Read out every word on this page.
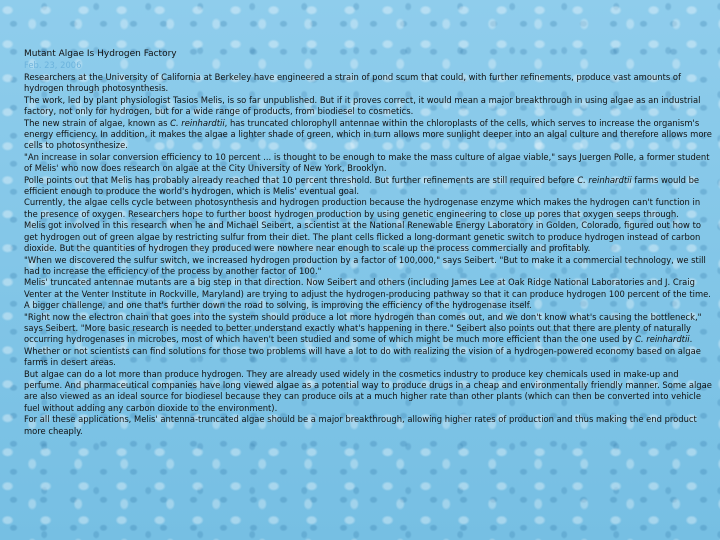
Mutant Algae Is Hydrogen Factory
Feb. 23, 2006

Researchers at the University of California at Berkeley have engineered a strain of pond scum that could, with further refinements, produce vast amounts of hydrogen through photosynthesis.

The work, led by plant physiologist Tasios Melis, is so far unpublished. But if it proves correct, it would mean a major breakthrough in using algae as an industrial factory, not only for hydrogen, but for a wide range of products, from biodiesel to cosmetics.

The new strain of algae, known as C. reinhardtii, has truncated chlorophyll antennae within the chloroplasts of the cells, which serves to increase the organism's energy efficiency. In addition, it makes the algae a lighter shade of green, which in turn allows more sunlight deeper into an algal culture and therefore allows more cells to photosynthesize.

"An increase in solar conversion efficiency to 10 percent ... is thought to be enough to make the mass culture of algae viable," says Juergen Polle, a former student of Melis' who now does research on algae at the City University of New York, Brooklyn.

Polle points out that Melis has probably already reached that 10 percent threshold. But further refinements are still required before C. reinhardtii farms would be efficient enough to produce the world's hydrogen, which is Melis' eventual goal.

Currently, the algae cells cycle between photosynthesis and hydrogen production because the hydrogenase enzyme which makes the hydrogen can't function in the presence of oxygen. Researchers hope to further boost hydrogen production by using genetic engineering to close up pores that oxygen seeps through.

Melis got involved in this research when he and Michael Seibert, a scientist at the National Renewable Energy Laboratory in Golden, Colorado, figured out how to get hydrogen out of green algae by restricting sulfur from their diet. The plant cells flicked a long-dormant genetic switch to produce hydrogen instead of carbon dioxide. But the quantities of hydrogen they produced were nowhere near enough to scale up the process commercially and profitably.

"When we discovered the sulfur switch, we increased hydrogen production by a factor of 100,000," says Seibert. "But to make it a commercial technology, we still had to increase the efficiency of the process by another factor of 100."

Melis' truncated antennae mutants are a big step in that direction. Now Seibert and others (including James Lee at Oak Ridge National Laboratories and J. Craig Venter at the Venter Institute in Rockville, Maryland) are trying to adjust the hydrogen-producing pathway so that it can produce hydrogen 100 percent of the time.

A bigger challenge, and one that's further down the road to solving, is improving the efficiency of the hydrogenase itself.

"Right now the electron chain that goes into the system should produce a lot more hydrogen than comes out, and we don't know what's causing the bottleneck," says Seibert. "More basic research is needed to better understand exactly what's happening in there." Seibert also points out that there are plenty of naturally occurring hydrogenases in microbes, most of which haven't been studied and some of which might be much more efficient than the one used by C. reinhardtii.

Whether or not scientists can find solutions for those two problems will have a lot to do with realizing the vision of a hydrogen-powered economy based on algae farms in desert areas.

But algae can do a lot more than produce hydrogen. They are already used widely in the cosmetics industry to produce key chemicals used in make-up and perfume. And pharmaceutical companies have long viewed algae as a potential way to produce drugs in a cheap and environmentally friendly manner. Some algae are also viewed as an ideal source for biodiesel because they can produce oils at a much higher rate than other plants (which can then be converted into vehicle fuel without adding any carbon dioxide to the environment).

For all these applications, Melis' antenna-truncated algae should be a major breakthrough, allowing higher rates of production and thus making the end product more cheaply.
